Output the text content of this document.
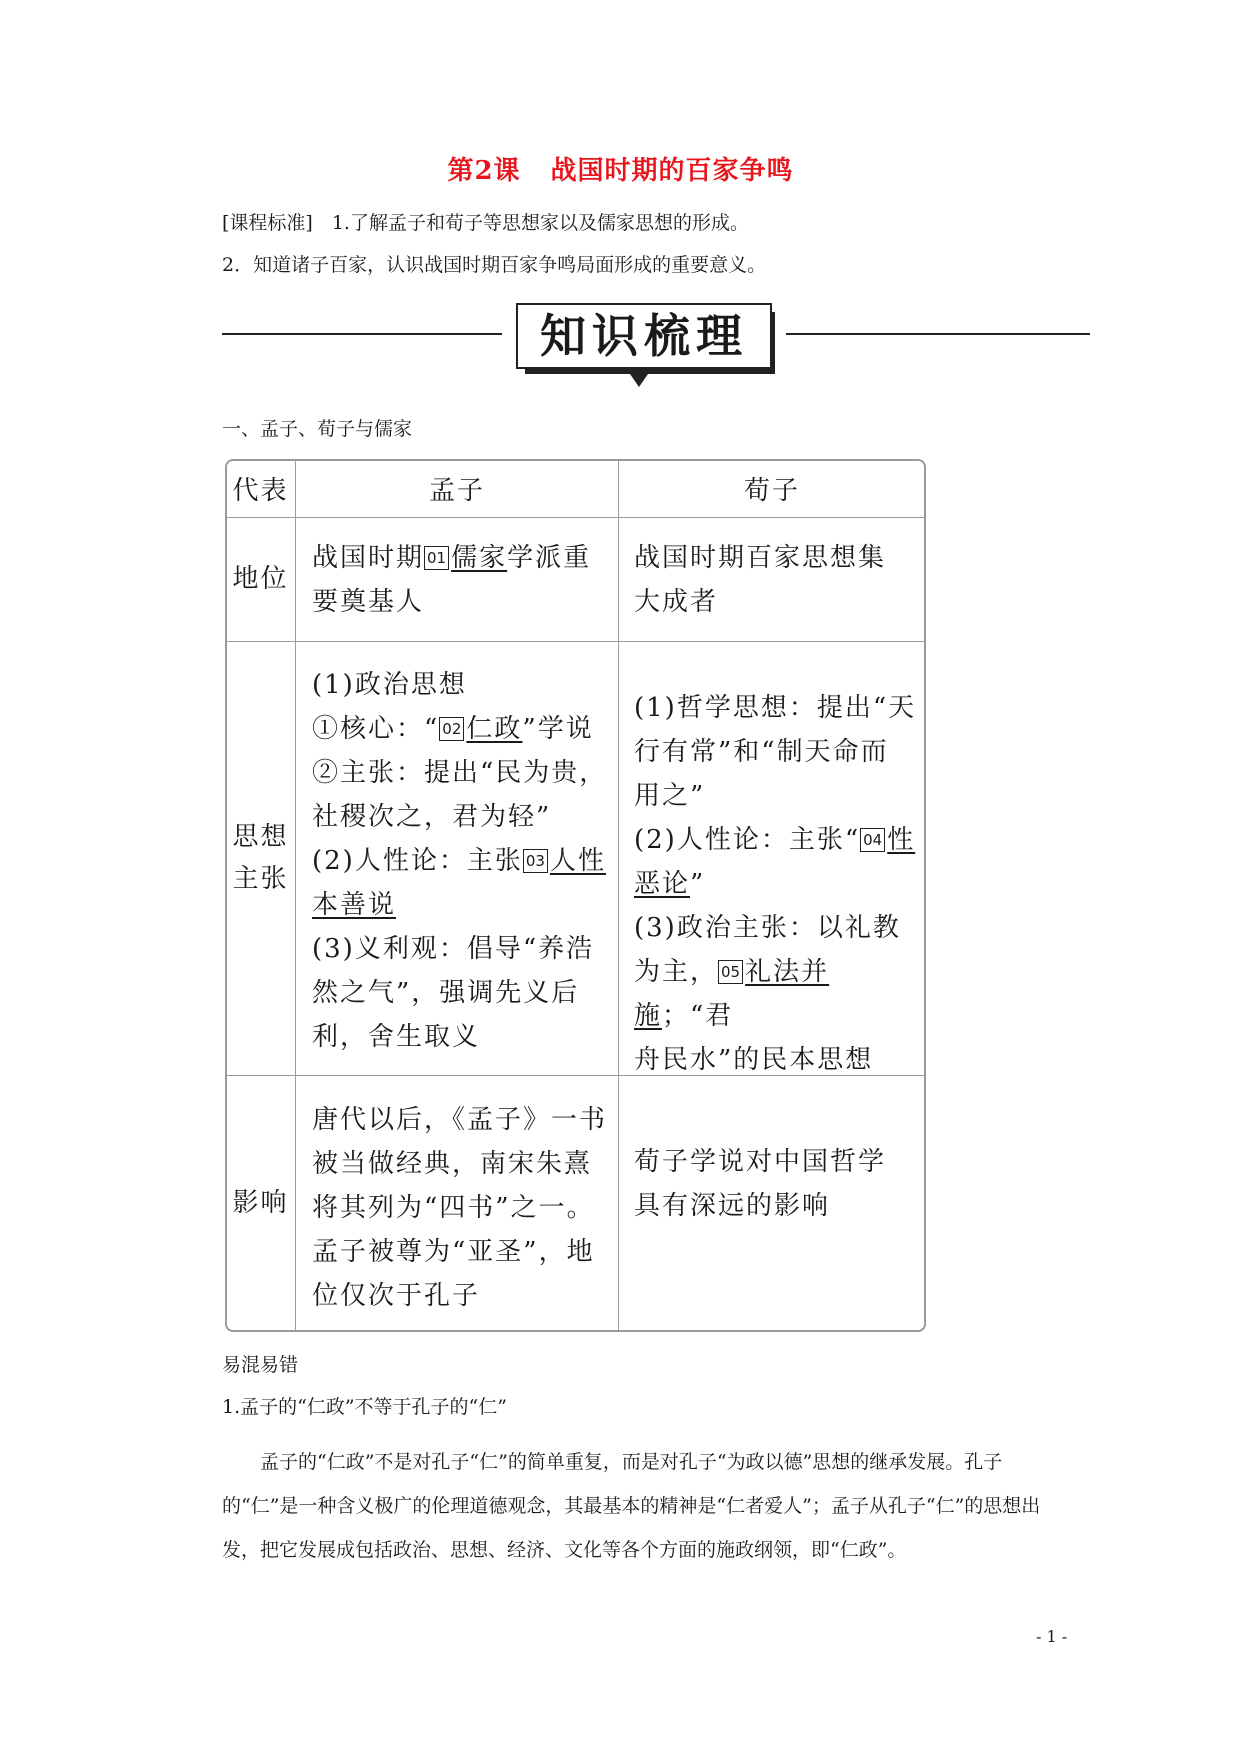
第2课 战国时期的百家争鸣
[课程标准]　1.了解孟子和荀子等思想家以及儒家思想的形成。
2．知道诸子百家，认识战国时期百家争鸣局面形成的重要意义。
知识梳理
一、孟子、荀子与儒家
代表	孟子	荀子
地位
战国时期 01 儒家学派重
要奠基人
战国时期百家思想集
大成者
思想
主张
(1)政治思想
①核心：“ 02 仁政”学说
②主张：提出“民为贵，
社稷次之，君为轻”
(2)人性论：主张 03 人性
本善说
(3)义利观：倡导“养浩
然之气”，强调先义后
利，舍生取义
(1)哲学思想：提出“天
行有常”和“制天命而
用之”
(2)人性论：主张“ 04 性
恶论”
(3)政治主张：以礼教
为主， 05 礼法并施；“君
舟民水”的民本思想
影响
唐代以后，《孟子》一书
被当做经典，南宋朱熹
将其列为“四书”之一。
孟子被尊为“亚圣”，地
位仅次于孔子
荀子学说对中国哲学
具有深远的影响
易混易错
1.孟子的“仁政”不等于孔子的“仁”
孟子的“仁政”不是对孔子“仁”的简单重复，而是对孔子“为政以德”思想的继承发展。孔子的“仁”是一种含义极广的伦理道德观念，其最基本的精神是“仁者爱人”；孟子从孔子“仁”的思想出发，把它发展成包括政治、思想、经济、文化等各个方面的施政纲领，即“仁政”。
- 1 -
